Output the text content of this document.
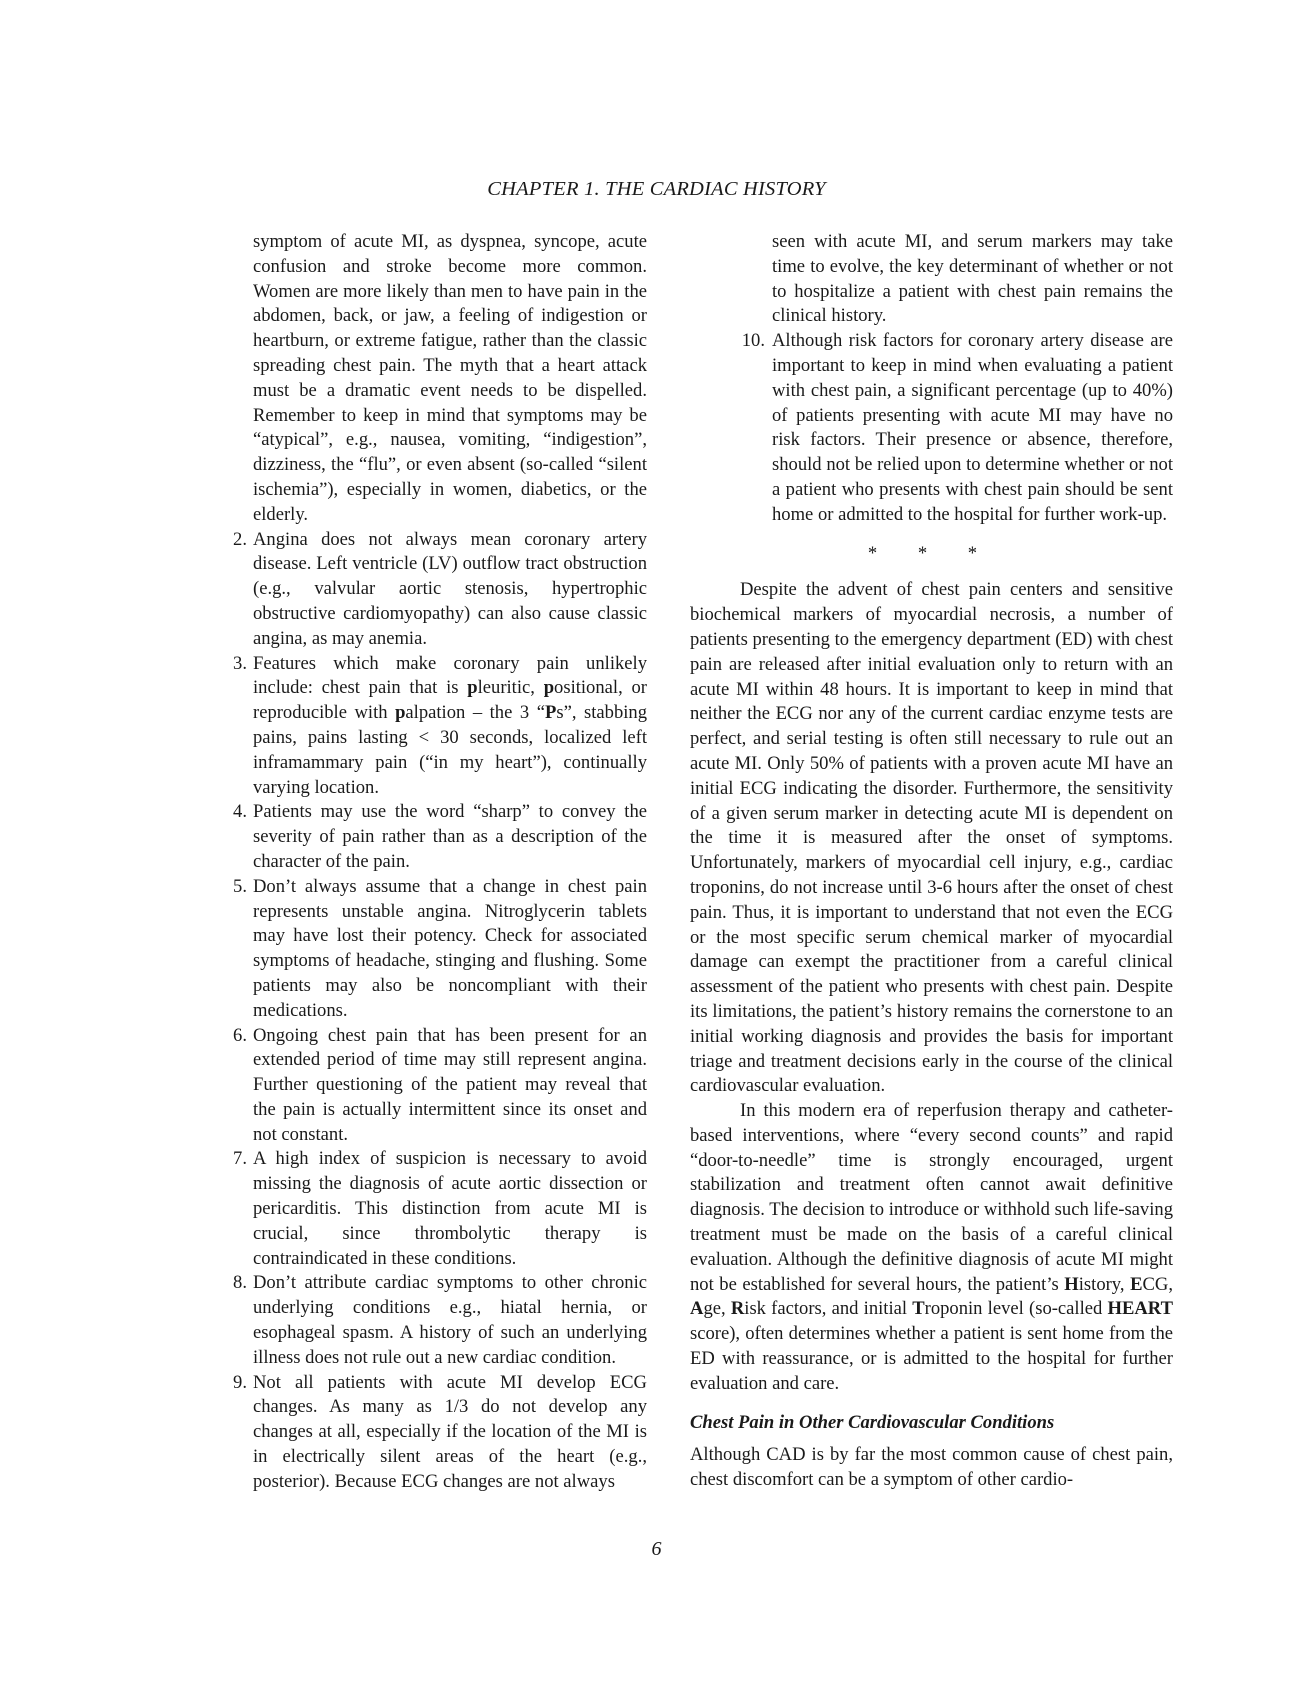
CHAPTER 1. THE CARDIAC HISTORY

symptom of acute MI, as dyspnea, syncope, acute confusion and stroke become more common. Women are more likely than men to have pain in the abdomen, back, or jaw, a feeling of indigestion or heartburn, or extreme fatigue, rather than the classic spreading chest pain. The myth that a heart attack must be a dramatic event needs to be dispelled. Remember to keep in mind that symptoms may be “atypical”, e.g., nausea, vomiting, “indigestion”, dizziness, the “flu”, or even absent (so-called “silent ischemia”), especially in women, diabetics, or the elderly.

2. Angina does not always mean coronary artery disease. Left ventricle (LV) outflow tract obstruction (e.g., valvular aortic stenosis, hypertrophic obstructive cardiomyopathy) can also cause classic angina, as may anemia.
3. Features which make coronary pain unlikely include: chest pain that is pleuritic, positional, or reproducible with palpation – the 3 “Ps”, stabbing pains, pains lasting < 30 seconds, localized left inframammary pain (“in my heart”), continually varying location.
4. Patients may use the word “sharp” to convey the severity of pain rather than as a description of the character of the pain.
5. Don’t always assume that a change in chest pain represents unstable angina. Nitroglycerin tablets may have lost their potency. Check for associated symptoms of headache, stinging and flushing. Some patients may also be noncompliant with their medications.
6. Ongoing chest pain that has been present for an extended period of time may still represent angina. Further questioning of the patient may reveal that the pain is actually intermittent since its onset and not constant.
7. A high index of suspicion is necessary to avoid missing the diagnosis of acute aortic dissection or pericarditis. This distinction from acute MI is crucial, since thrombolytic therapy is contraindicated in these conditions.
8. Don’t attribute cardiac symptoms to other chronic underlying conditions e.g., hiatal hernia, or esophageal spasm. A history of such an underlying illness does not rule out a new cardiac condition.
9. Not all patients with acute MI develop ECG changes. As many as 1/3 do not develop any changes at all, especially if the location of the MI is in electrically silent areas of the heart (e.g., posterior). Because ECG changes are not always

seen with acute MI, and serum markers may take time to evolve, the key determinant of whether or not to hospitalize a patient with chest pain remains the clinical history.

10. Although risk factors for coronary artery disease are important to keep in mind when evaluating a patient with chest pain, a significant percentage (up to 40%) of patients presenting with acute MI may have no risk factors. Their presence or absence, therefore, should not be relied upon to determine whether or not a patient who presents with chest pain should be sent home or admitted to the hospital for further work-up.
* * *

Despite the advent of chest pain centers and sensitive biochemical markers of myocardial necrosis, a number of patients presenting to the emergency department (ED) with chest pain are released after initial evaluation only to return with an acute MI within 48 hours. It is important to keep in mind that neither the ECG nor any of the current cardiac enzyme tests are perfect, and serial testing is often still necessary to rule out an acute MI. Only 50% of patients with a proven acute MI have an initial ECG indicating the disorder. Furthermore, the sensitivity of a given serum marker in detecting acute MI is dependent on the time it is measured after the onset of symptoms. Unfortunately, markers of myocardial cell injury, e.g., cardiac troponins, do not increase until 3-6 hours after the onset of chest pain. Thus, it is important to understand that not even the ECG or the most specific serum chemical marker of myocardial damage can exempt the practitioner from a careful clinical assessment of the patient who presents with chest pain. Despite its limitations, the patient’s history remains the cornerstone to an initial working diagnosis and provides the basis for important triage and treatment decisions early in the course of the clinical cardiovascular evaluation.

In this modern era of reperfusion therapy and catheter-based interventions, where “every second counts” and rapid “door-to-needle” time is strongly encouraged, urgent stabilization and treatment often cannot await definitive diagnosis. The decision to introduce or withhold such life-saving treatment must be made on the basis of a careful clinical evaluation. Although the definitive diagnosis of acute MI might not be established for several hours, the patient’s History, ECG, Age, Risk factors, and initial Troponin level (so-called HEART score), often determines whether a patient is sent home from the ED with reassurance, or is admitted to the hospital for further evaluation and care.

Chest Pain in Other Cardiovascular Conditions

Although CAD is by far the most common cause of chest pain, chest discomfort can be a symptom of other cardio-

6
